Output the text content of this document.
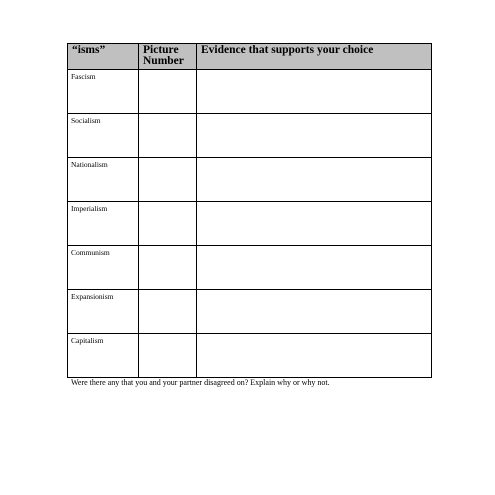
“isms”	Picture Number	Evidence that supports your choice
Fascism		
Socialism		
Nationalism		
Imperialism		
Communism		
Expansionism		
Capitalism		

Were there any that you and your partner disagreed on? Explain why or why not.
